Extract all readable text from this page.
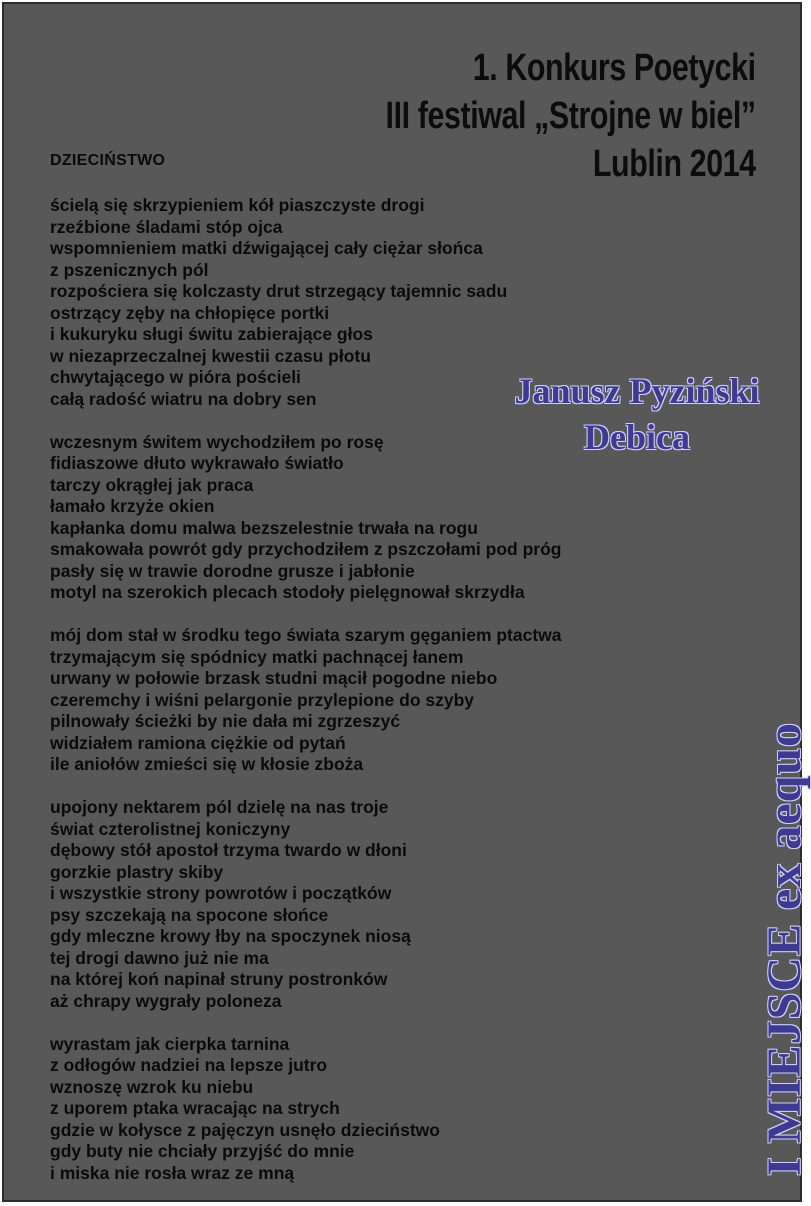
1. Konkurs Poetycki
III festiwal „Strojne w biel”
Lublin 2014
DZIECIŃSTWO
ścielą się skrzypieniem kół piaszczyste drogi
rzeźbione śladami stóp ojca
wspomnieniem matki dźwigającej cały ciężar słońca
z pszenicznych pól
rozpościera się kolczasty drut strzegący tajemnic sadu
ostrzący zęby na chłopięce portki
i kukuryku sługi świtu zabierające głos
w niezaprzeczalnej kwestii czasu płotu
chwytającego w pióra pościeli
całą radość wiatru na dobry sen
wczesnym świtem wychodziłem po rosę
fidiaszowe dłuto wykrawało światło
tarczy okrągłej jak praca
łamało krzyże okien
kapłanka domu malwa bezszelestnie trwała na rogu
smakowała powrót gdy przychodziłem z pszczołami pod próg
pasły się w trawie dorodne grusze i jabłonie
motyl na szerokich plecach stodoły pielęgnował skrzydła
mój dom stał w środku tego świata szarym gęganiem ptactwa
trzymającym się spódnicy matki pachnącej łanem
urwany w połowie brzask studni mącił pogodne niebo
czeremchy i wiśni pelargonie przylepione do szyby
pilnowały ścieżki by nie dała mi zgrzeszyć
widziałem ramiona ciężkie od pytań
ile aniołów zmieści się w kłosie zboża
upojony nektarem pól dzielę na nas troje
świat czterolistnej koniczyny
dębowy stół apostoł trzyma twardo w dłoni
gorzkie plastry skiby
i wszystkie strony powrotów i początków
psy szczekają na spocone słońce
gdy mleczne krowy łby na spoczynek niosą
tej drogi dawno już nie ma
na której koń napinał struny postronków
aż chrapy wygrały poloneza
wyrastam jak cierpka tarnina
z odłogów nadziei na lepsze jutro
wznoszę wzrok ku niebu
z uporem ptaka wracając na strych
gdzie w kołysce z pajęczyn usnęło dzieciństwo
gdy buty nie chciały przyjść do mnie
i miska nie rosła wraz ze mną
Janusz Pyziński
Debica
I MIEJSCE ex aequo
